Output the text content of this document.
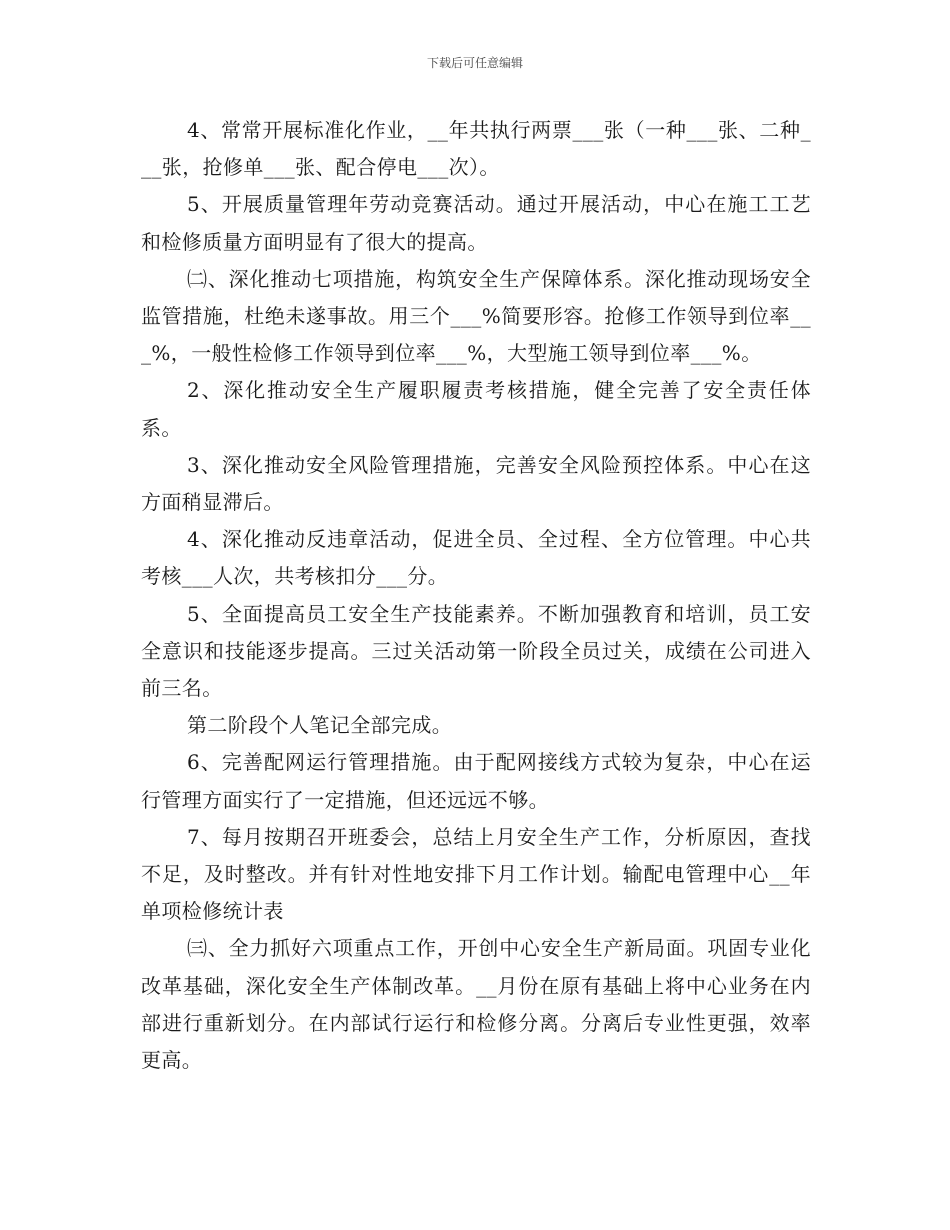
下载后可任意编辑

4、常常开展标准化作业，__年共执行两票___张（一种___张、二种___张，抢修单___张、配合停电___次）。

5、开展质量管理年劳动竞赛活动。通过开展活动，中心在施工工艺和检修质量方面明显有了很大的提高。

㈡、深化推动七项措施，构筑安全生产保障体系。深化推动现场安全监管措施，杜绝未遂事故。用三个___%简要形容。抢修工作领导到位率___%，一般性检修工作领导到位率___%，大型施工领导到位率___%。

2、深化推动安全生产履职履责考核措施，健全完善了安全责任体系。

3、深化推动安全风险管理措施，完善安全风险预控体系。中心在这方面稍显滞后。

4、深化推动反违章活动，促进全员、全过程、全方位管理。中心共考核___人次，共考核扣分___分。

5、全面提高员工安全生产技能素养。不断加强教育和培训，员工安全意识和技能逐步提高。三过关活动第一阶段全员过关，成绩在公司进入前三名。

第二阶段个人笔记全部完成。

6、完善配网运行管理措施。由于配网接线方式较为复杂，中心在运行管理方面实行了一定措施，但还远远不够。

7、每月按期召开班委会，总结上月安全生产工作，分析原因，查找不足，及时整改。并有针对性地安排下月工作计划。输配电管理中心__年单项检修统计表

㈢、全力抓好六项重点工作，开创中心安全生产新局面。巩固专业化改革基础，深化安全生产体制改革。__月份在原有基础上将中心业务在内部进行重新划分。在内部试行运行和检修分离。分离后专业性更强，效率更高。
